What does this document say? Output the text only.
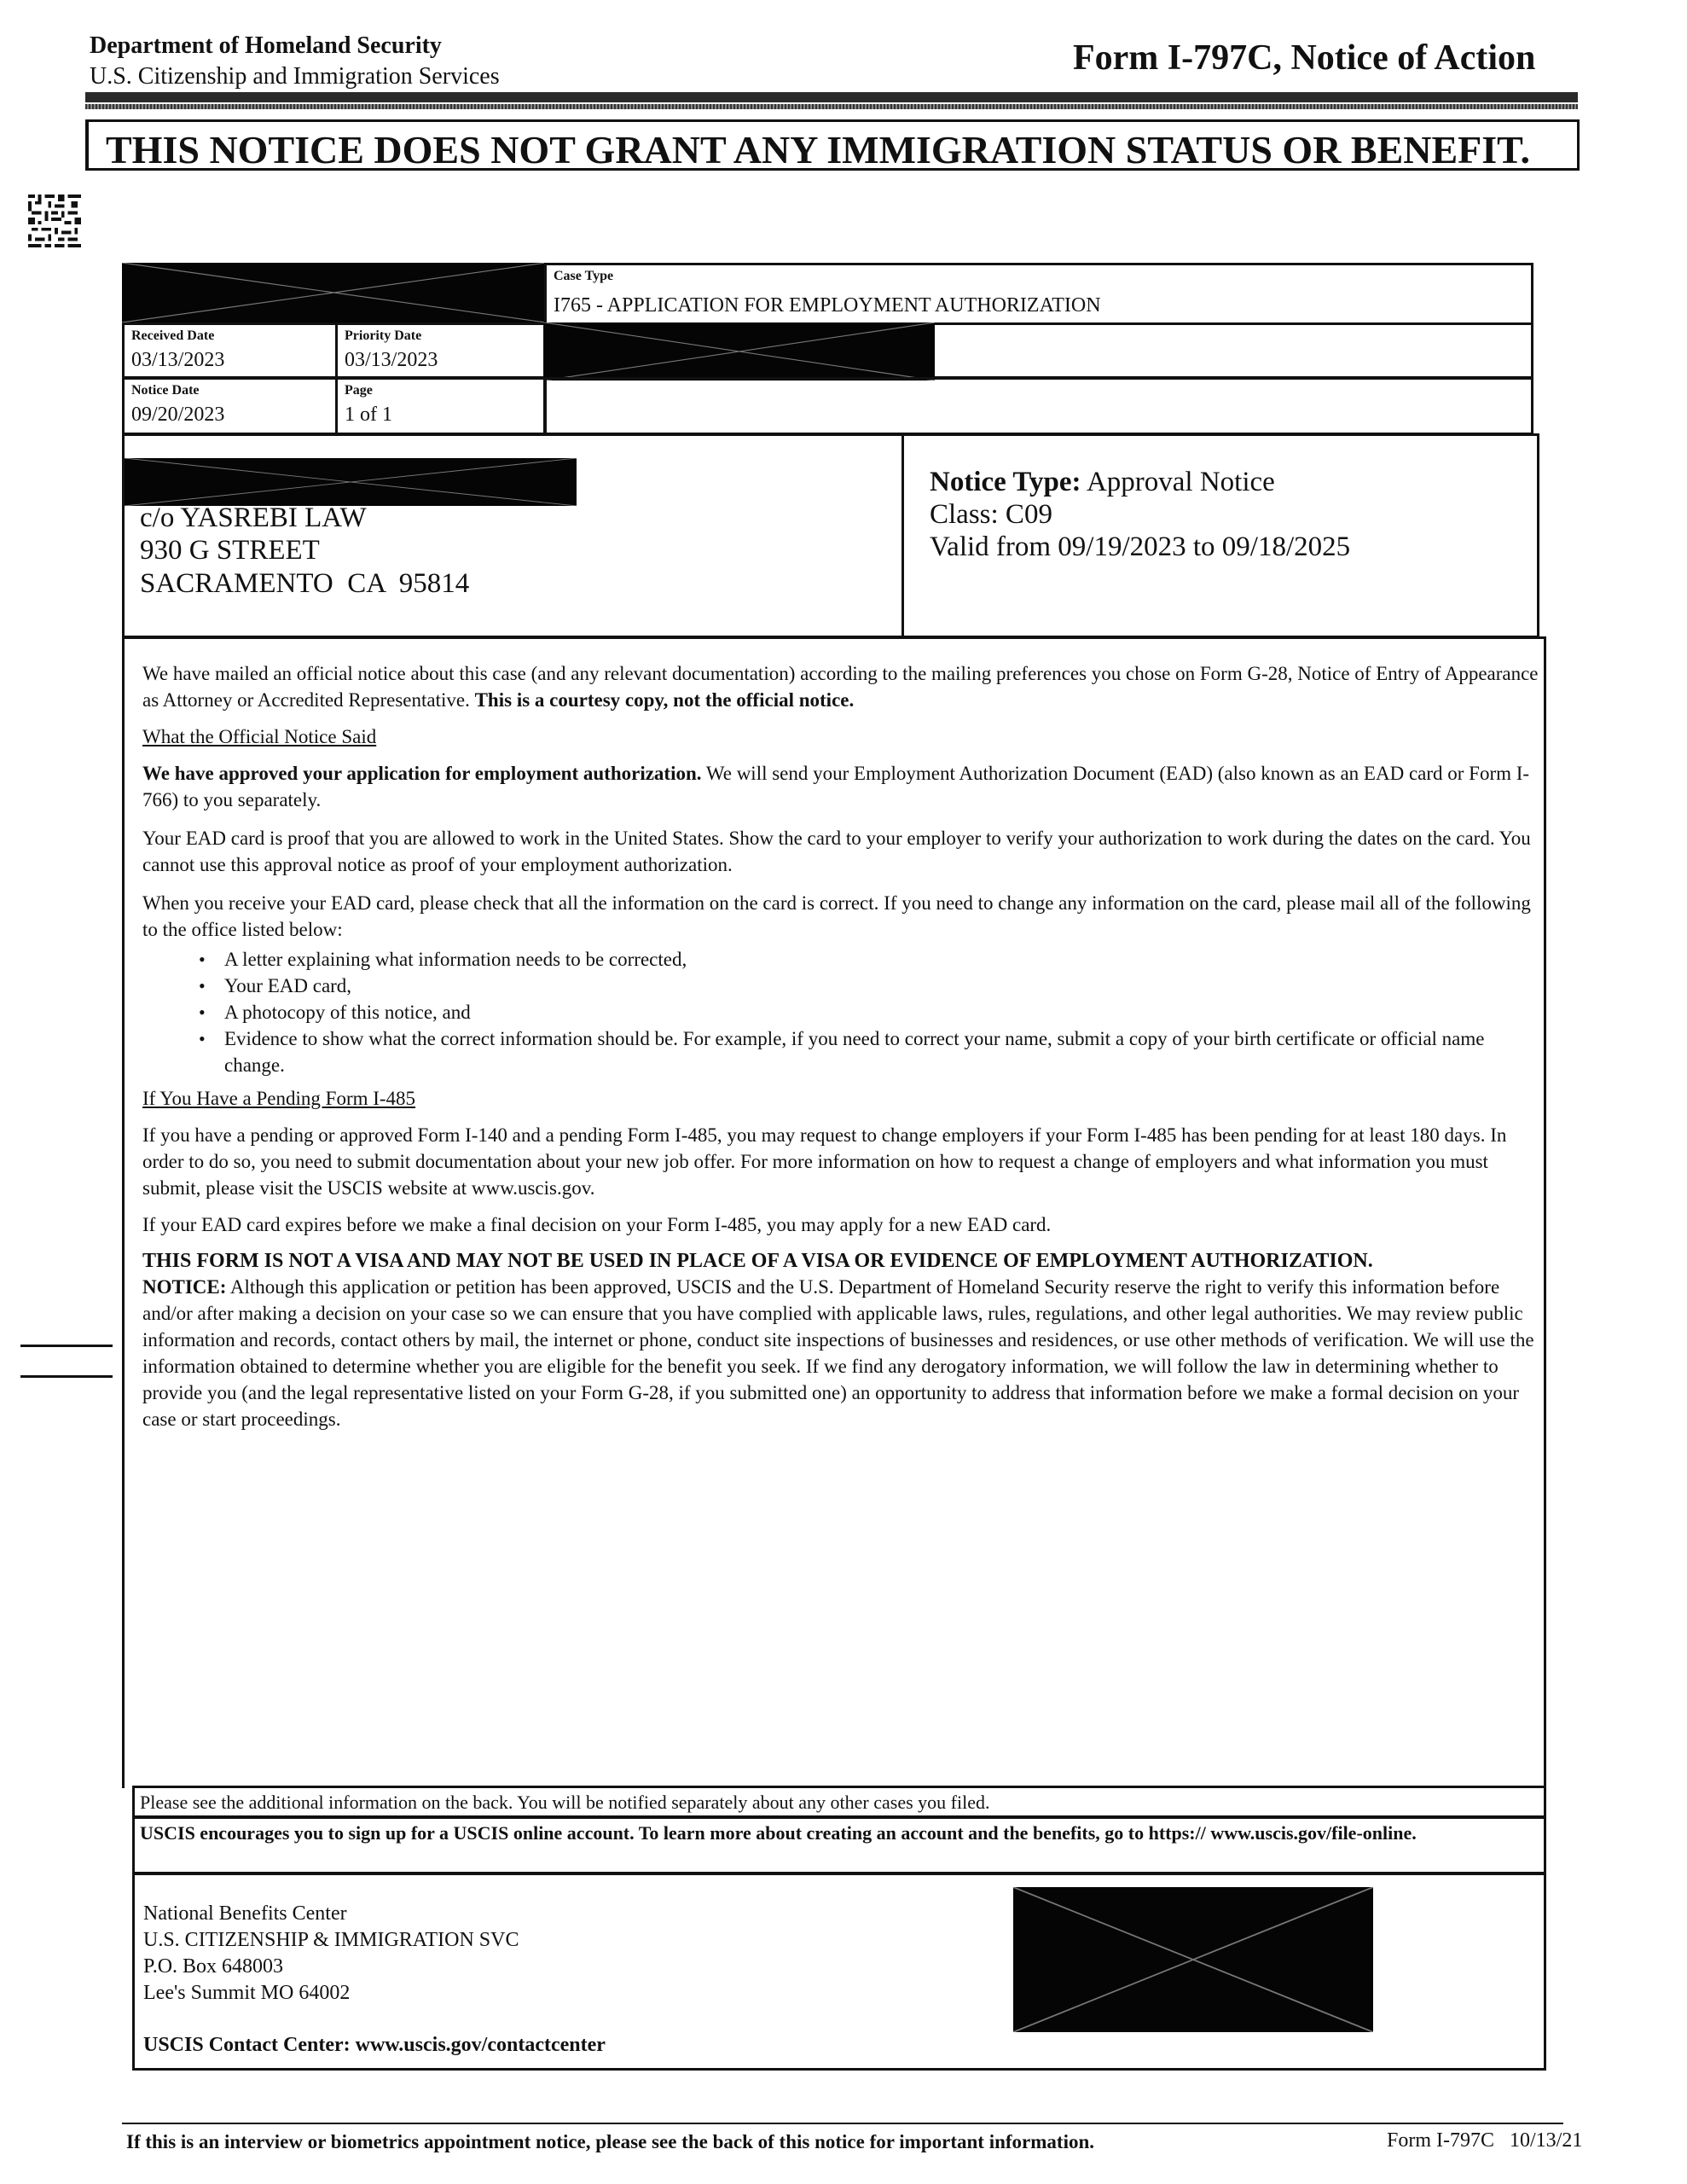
Department of Homeland Security
U.S. Citizenship and Immigration Services	Form I-797C, Notice of Action
THIS NOTICE DOES NOT GRANT ANY IMMIGRATION STATUS OR BENEFIT.
Case Type
I765 - APPLICATION FOR EMPLOYMENT AUTHORIZATION
Received Date
03/13/2023
Priority Date
03/13/2023
Notice Date
09/20/2023
Page
1 of 1
c/o YASREBI LAW
930 G STREET
SACRAMENTO  CA  95814
Notice Type: Approval Notice
Class: C09
Valid from 09/19/2023 to 09/18/2025

We have mailed an official notice about this case (and any relevant documentation) according to the mailing preferences you chose on Form G-28, Notice of Entry of Appearance as Attorney or Accredited Representative. This is a courtesy copy, not the official notice.

What the Official Notice Said

We have approved your application for employment authorization. We will send your Employment Authorization Document (EAD) (also known as an EAD card or Form I-766) to you separately.

Your EAD card is proof that you are allowed to work in the United States. Show the card to your employer to verify your authorization to work during the dates on the card. You cannot use this approval notice as proof of your employment authorization.

When you receive your EAD card, please check that all the information on the card is correct. If you need to change any information on the card, please mail all of the following to the office listed below:

• A letter explaining what information needs to be corrected,
• Your EAD card,
• A photocopy of this notice, and
• Evidence to show what the correct information should be. For example, if you need to correct your name, submit a copy of your birth certificate or official name change.

If You Have a Pending Form I-485

If you have a pending or approved Form I-140 and a pending Form I-485, you may request to change employers if your Form I-485 has been pending for at least 180 days. In order to do so, you need to submit documentation about your new job offer. For more information on how to request a change of employers and what information you must submit, please visit the USCIS website at www.uscis.gov.

If your EAD card expires before we make a final decision on your Form I-485, you may apply for a new EAD card.

THIS FORM IS NOT A VISA AND MAY NOT BE USED IN PLACE OF A VISA OR EVIDENCE OF EMPLOYMENT AUTHORIZATION.

NOTICE: Although this application or petition has been approved, USCIS and the U.S. Department of Homeland Security reserve the right to verify this information before and/or after making a decision on your case so we can ensure that you have complied with applicable laws, rules, regulations, and other legal authorities. We may review public information and records, contact others by mail, the internet or phone, conduct site inspections of businesses and residences, or use other methods of verification. We will use the information obtained to determine whether you are eligible for the benefit you seek. If we find any derogatory information, we will follow the law in determining whether to provide you (and the legal representative listed on your Form G-28, if you submitted one) an opportunity to address that information before we make a formal decision on your case or start proceedings.

Please see the additional information on the back. You will be notified separately about any other cases you filed.
USCIS encourages you to sign up for a USCIS online account. To learn more about creating an account and the benefits, go to https:// www.uscis.gov/file-online.
National Benefits Center
U.S. CITIZENSHIP & IMMIGRATION SVC
P.O. Box 648003
Lee's Summit MO 64002
USCIS Contact Center: www.uscis.gov/contactcenter
If this is an interview or biometrics appointment notice, please see the back of this notice for important information.	Form I-797C   10/13/21
